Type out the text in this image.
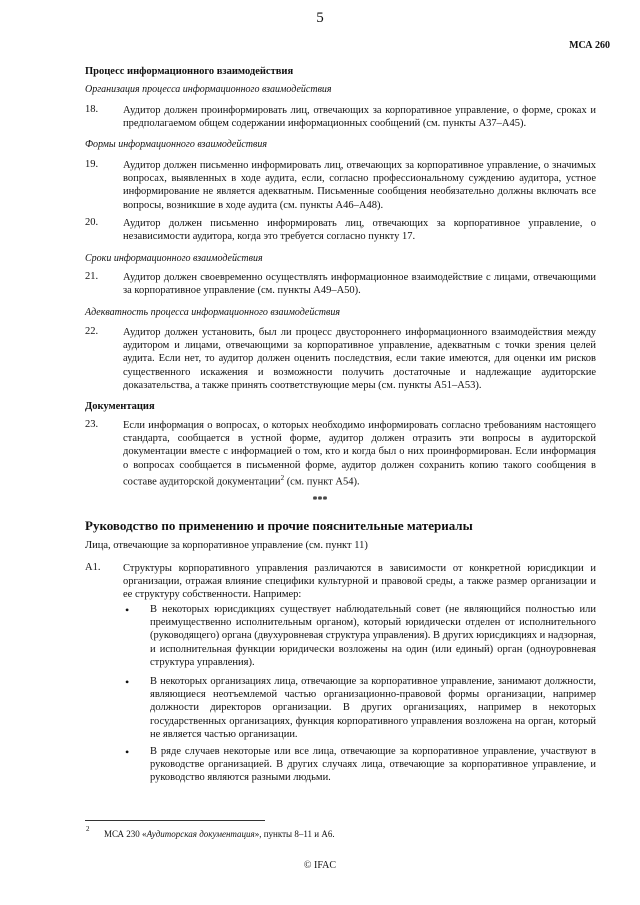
5
МСА 260
Процесс информационного взаимодействия
Организация процесса информационного взаимодействия
18. Аудитор должен проинформировать лиц, отвечающих за корпоративное управление, о форме, сроках и предполагаемом общем содержании информационных сообщений (см. пункты A37–A45).
Формы информационного взаимодействия
19. Аудитор должен письменно информировать лиц, отвечающих за корпоративное управление, о значимых вопросах, выявленных в ходе аудита, если, согласно профессиональному суждению аудитора, устное информирование не является адекватным. Письменные сообщения необязательно должны включать все вопросы, возникшие в ходе аудита (см. пункты A46–A48).
20. Аудитор должен письменно информировать лиц, отвечающих за корпоративное управление, о независимости аудитора, когда это требуется согласно пункту 17.
Сроки информационного взаимодействия
21. Аудитор должен своевременно осуществлять информационное взаимодействие с лицами, отвечающими за корпоративное управление (см. пункты A49–A50).
Адекватность процесса информационного взаимодействия
22. Аудитор должен установить, был ли процесс двустороннего информационного взаимодействия между аудитором и лицами, отвечающими за корпоративное управление, адекватным с точки зрения целей аудита. Если нет, то аудитор должен оценить последствия, если такие имеются, для оценки им рисков существенного искажения и возможности получить достаточные и надлежащие аудиторские доказательства, а также принять соответствующие меры (см. пункты A51–A53).
Документация
23. Если информация о вопросах, о которых необходимо информировать согласно требованиям настоящего стандарта, сообщается в устной форме, аудитор должен отразить эти вопросы в аудиторской документации вместе с информацией о том, кто и когда был о них проинформирован. Если информация о вопросах сообщается в письменной форме, аудитор должен сохранить копию такого сообщения в составе аудиторской документации$^2$ (см. пункт A54).
***
Руководство по применению и прочие пояснительные материалы
Лица, отвечающие за корпоративное управление (см. пункт 11)
A1. Структуры корпоративного управления различаются в зависимости от конкретной юрисдикции и организации, отражая влияние специфики культурной и правовой среды, а также размер организации и ее структуру собственности. Например:
• В некоторых юрисдикциях существует наблюдательный совет (не являющийся полностью или преимущественно исполнительным органом), который юридически отделен от исполнительного (руководящего) органа (двухуровневая структура управления). В других юрисдикциях и надзорная, и исполнительная функции юридически возложены на один (или единый) орган (одноуровневая структура управления).
• В некоторых организациях лица, отвечающие за корпоративное управление, занимают должности, являющиеся неотъемлемой частью организационно-правовой формы организации, например должности директоров организации. В других организациях, например в некоторых государственных организациях, функция корпоративного управления возложена на орган, который не является частью организации.
• В ряде случаев некоторые или все лица, отвечающие за корпоративное управление, участвуют в руководстве организацией. В других случаях лица, отвечающие за корпоративное управление, и руководство являются разными людьми.
2 МСА 230 «Аудиторская документация», пункты 8–11 и A6.
© IFAC
